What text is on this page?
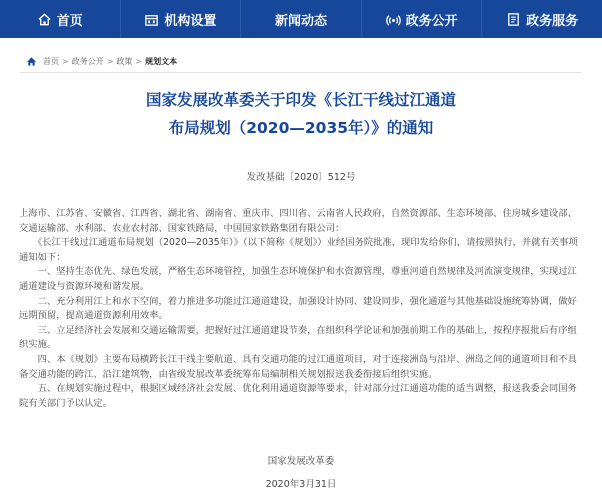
首页	机构设置	新闻动态	政务公开	政务服务
首页 > 政务公开 > 政策 > 规划文本
国家发展改革委关于印发《长江干线过江通道
布局规划（2020—2035年）》的通知
发改基础〔2020〕512号

上海市、江苏省、安徽省、江西省、湖北省、湖南省、重庆市、四川省、云南省人民政府，自然资源部、生态环境部、住房城乡建设部、交通运输部、水利部、农业农村部、国家铁路局，中国国家铁路集团有限公司：

　　《长江干线过江通道布局规划（2020—2035年）》（以下简称《规划》）业经国务院批准，现印发给你们，请按照执行，并就有关事项通知如下：

　　一、坚持生态优先、绿色发展，严格生态环境管控，加强生态环境保护和水资源管理，尊重河道自然规律及河流演变规律，实现过江通道建设与资源环境和谐发展。

　　二、充分利用江上和水下空间，着力推进多功能过江通道建设，加强设计协同、建设同步，强化通道与其他基础设施统筹协调，做好远期预留，提高通道资源利用效率。

　　三、立足经济社会发展和交通运输需要，把握好过江通道建设节奏，在组织科学论证和加强前期工作的基础上，按程序报批后有序组织实施。

　　四、本《规划》主要布局横跨长江干线主要航道、具有交通功能的过江通道项目，对于连接洲岛与沿岸、洲岛之间的通道项目和不具备交通功能的跨江、沿江建筑物，由省级发展改革委统筹布局编制相关规划报送我委衔接后组织实施。

　　五、在规划实施过程中，根据区域经济社会发展、优化利用通道资源等要求，针对部分过江通道功能的适当调整，报送我委会同国务院有关部门予以认定。

国家发展改革委
2020年3月31日
